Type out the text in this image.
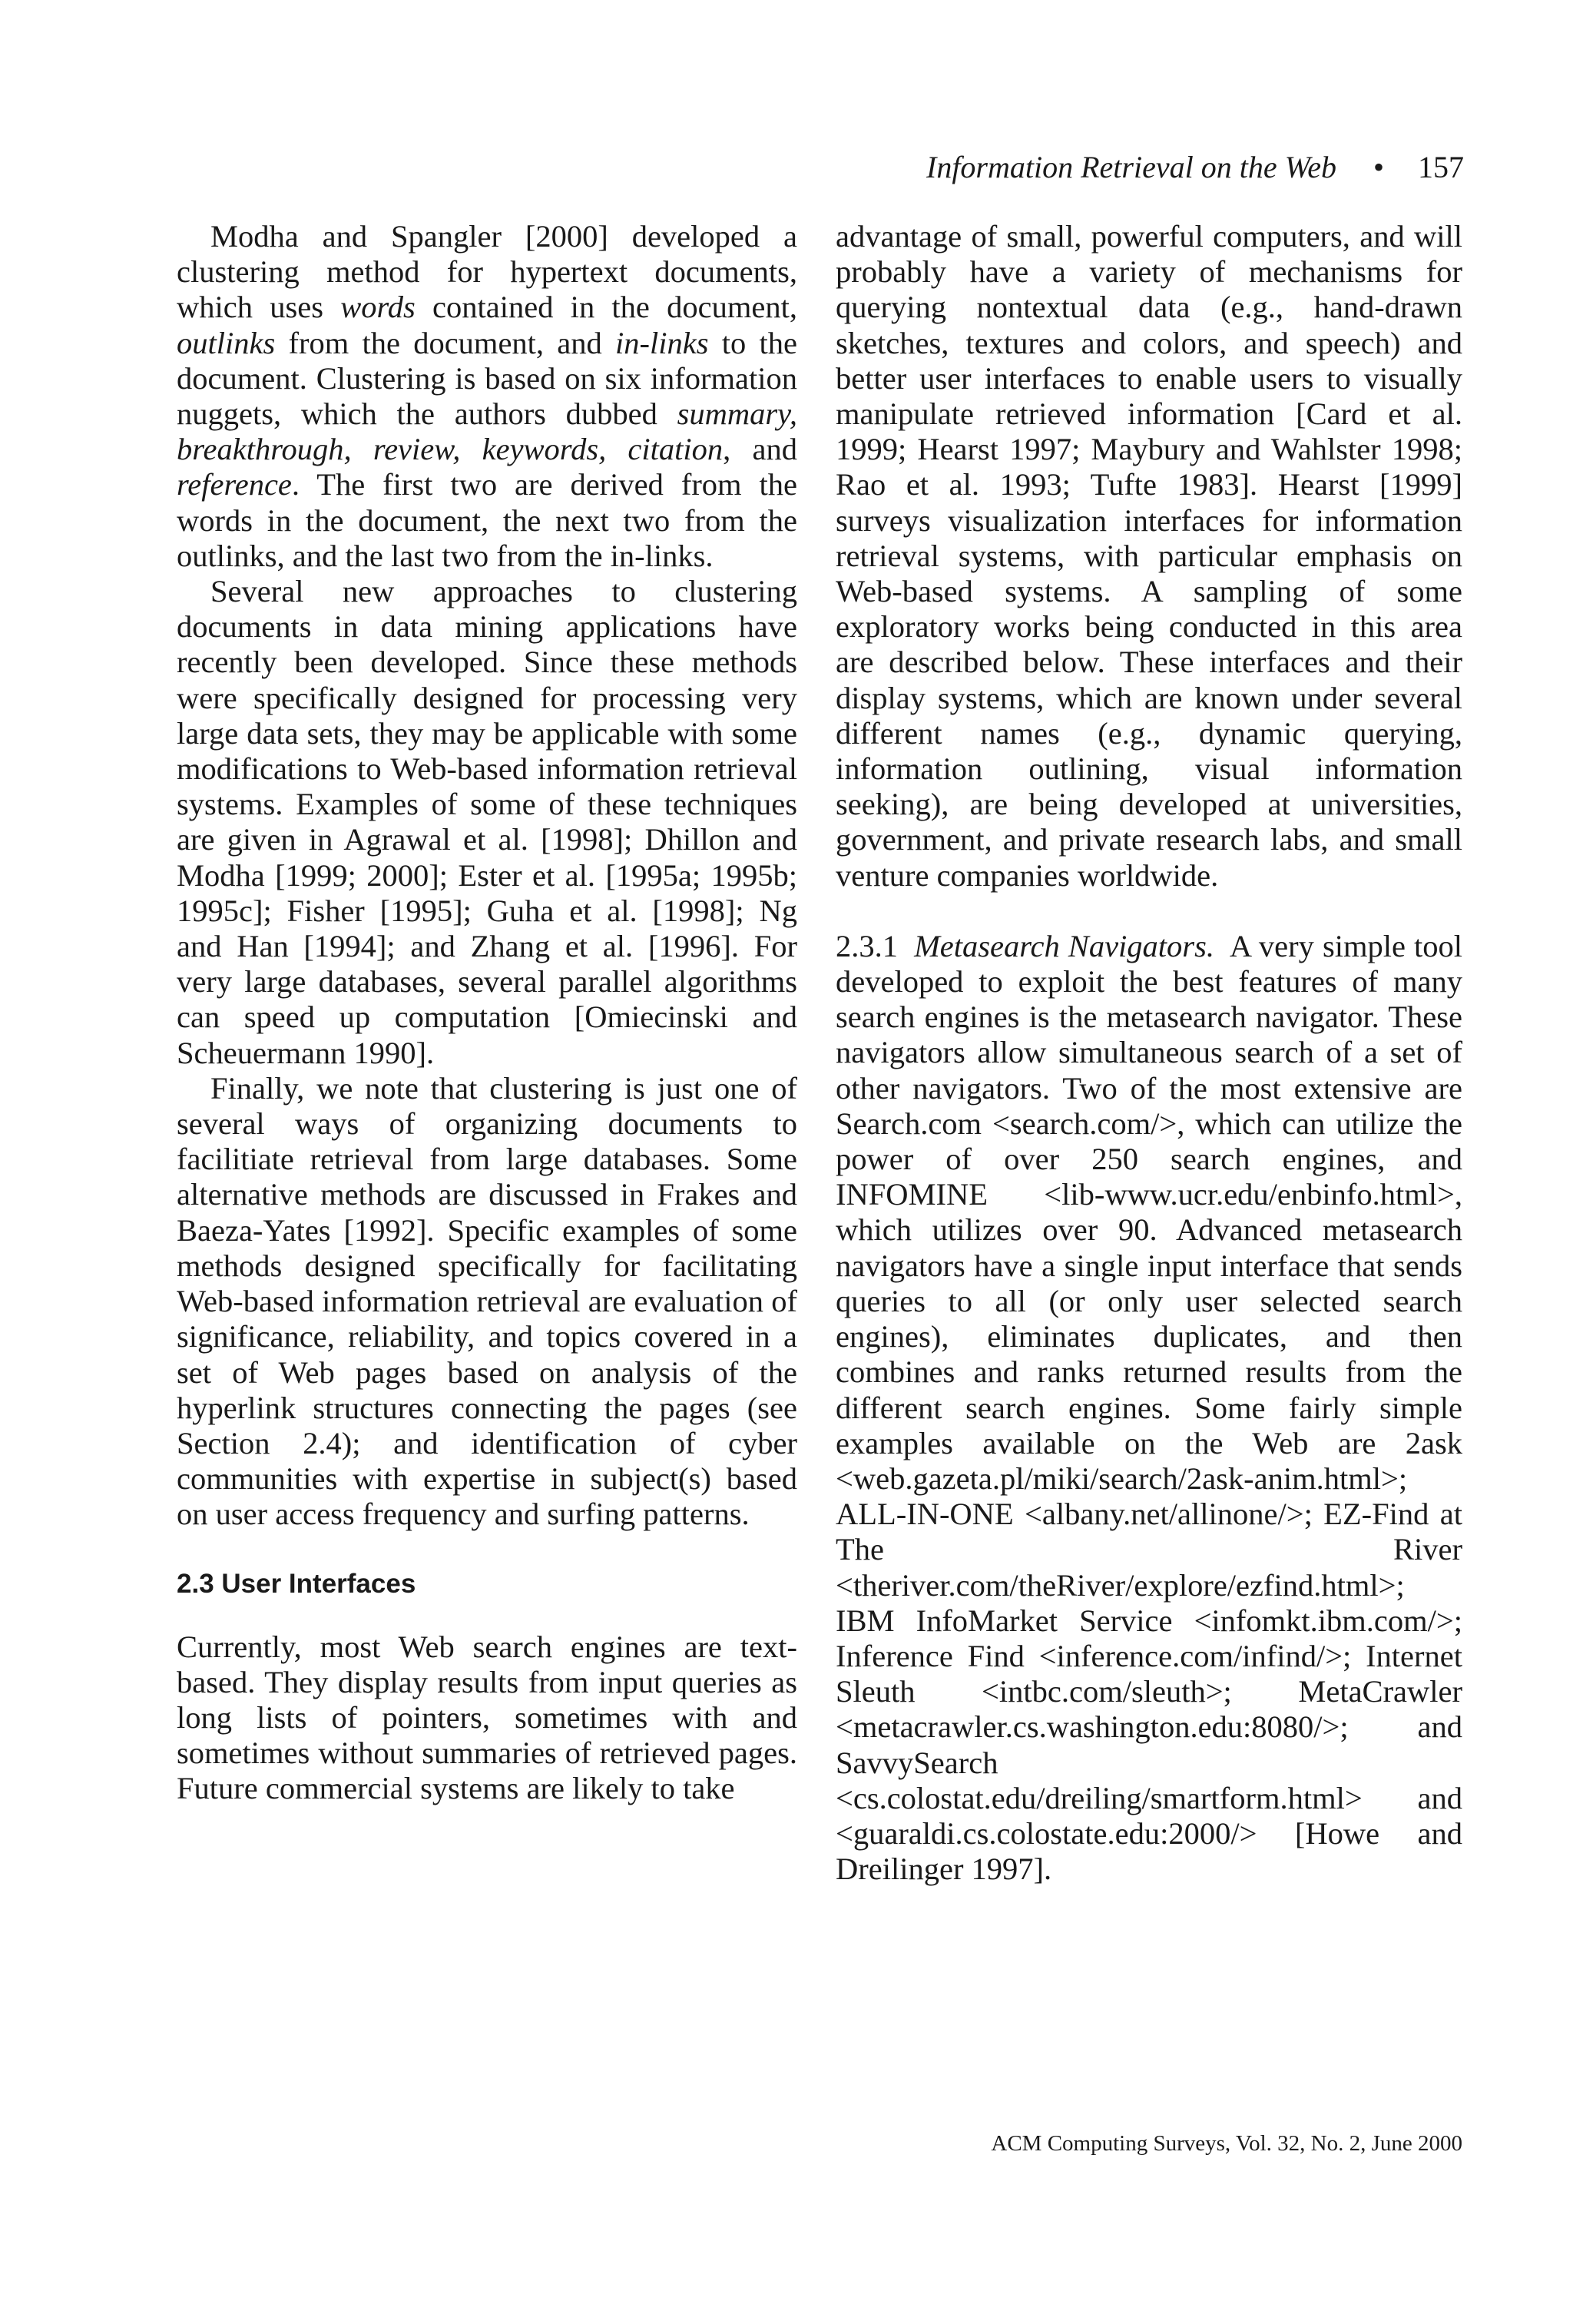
Information Retrieval on the Web • 157

Modha and Spangler [2000] developed a clustering method for hypertext documents, which uses words contained in the document, outlinks from the document, and in-links to the document. Clustering is based on six information nuggets, which the authors dubbed summary, breakthrough, review, keywords, citation, and reference. The first two are derived from the words in the document, the next two from the outlinks, and the last two from the in-links.

Several new approaches to clustering documents in data mining applications have recently been developed. Since these methods were specifically designed for processing very large data sets, they may be applicable with some modifications to Web-based information retrieval systems. Examples of some of these techniques are given in Agrawal et al. [1998]; Dhillon and Modha [1999; 2000]; Ester et al. [1995a; 1995b; 1995c]; Fisher [1995]; Guha et al. [1998]; Ng and Han [1994]; and Zhang et al. [1996]. For very large databases, several parallel algorithms can speed up computation [Omiecinski and Scheuermann 1990].

Finally, we note that clustering is just one of several ways of organizing documents to facilitiate retrieval from large databases. Some alternative methods are discussed in Frakes and Baeza-Yates [1992]. Specific examples of some methods designed specifically for facilitating Web-based information retrieval are evaluation of significance, reliability, and topics covered in a set of Web pages based on analysis of the hyperlink structures connecting the pages (see Section 2.4); and identification of cyber communities with expertise in subject(s) based on user access frequency and surfing patterns.

2.3 User Interfaces

Currently, most Web search engines are text-based. They display results from input queries as long lists of pointers, sometimes with and sometimes without summaries of retrieved pages. Future commercial systems are likely to take

advantage of small, powerful computers, and will probably have a variety of mechanisms for querying nontextual data (e.g., hand-drawn sketches, textures and colors, and speech) and better user interfaces to enable users to visually manipulate retrieved information [Card et al. 1999; Hearst 1997; Maybury and Wahlster 1998; Rao et al. 1993; Tufte 1983]. Hearst [1999] surveys visualization interfaces for information retrieval systems, with particular emphasis on Web-based systems. A sampling of some exploratory works being conducted in this area are described below. These interfaces and their display systems, which are known under several different names (e.g., dynamic querying, information outlining, visual information seeking), are being developed at universities, government, and private research labs, and small venture companies worldwide.

2.3.1 Metasearch Navigators. A very simple tool developed to exploit the best features of many search engines is the metasearch navigator. These navigators allow simultaneous search of a set of other navigators. Two of the most extensive are Search.com <search.com/>, which can utilize the power of over 250 search engines, and INFOMINE <lib-www.ucr.edu/enbinfo.html>, which utilizes over 90. Advanced metasearch navigators have a single input interface that sends queries to all (or only user selected search engines), eliminates duplicates, and then combines and ranks returned results from the different search engines. Some fairly simple examples available on the Web are 2ask <web.gazeta.pl/miki/search/2ask-anim.html>; ALL-IN-ONE <albany.net/allinone/>; EZ-Find at The River <theriver.com/theRiver/explore/ezfind.html>; IBM InfoMarket Service <infomkt.ibm.com/>; Inference Find <inference.com/infind/>; Internet Sleuth <intbc.com/sleuth>; MetaCrawler <metacrawler.cs.washington.edu:8080/>; and SavvySearch <cs.colostat.edu/dreiling/smartform.html> and <guaraldi.cs.colostate.edu:2000/> [Howe and Dreilinger 1997].

ACM Computing Surveys, Vol. 32, No. 2, June 2000
